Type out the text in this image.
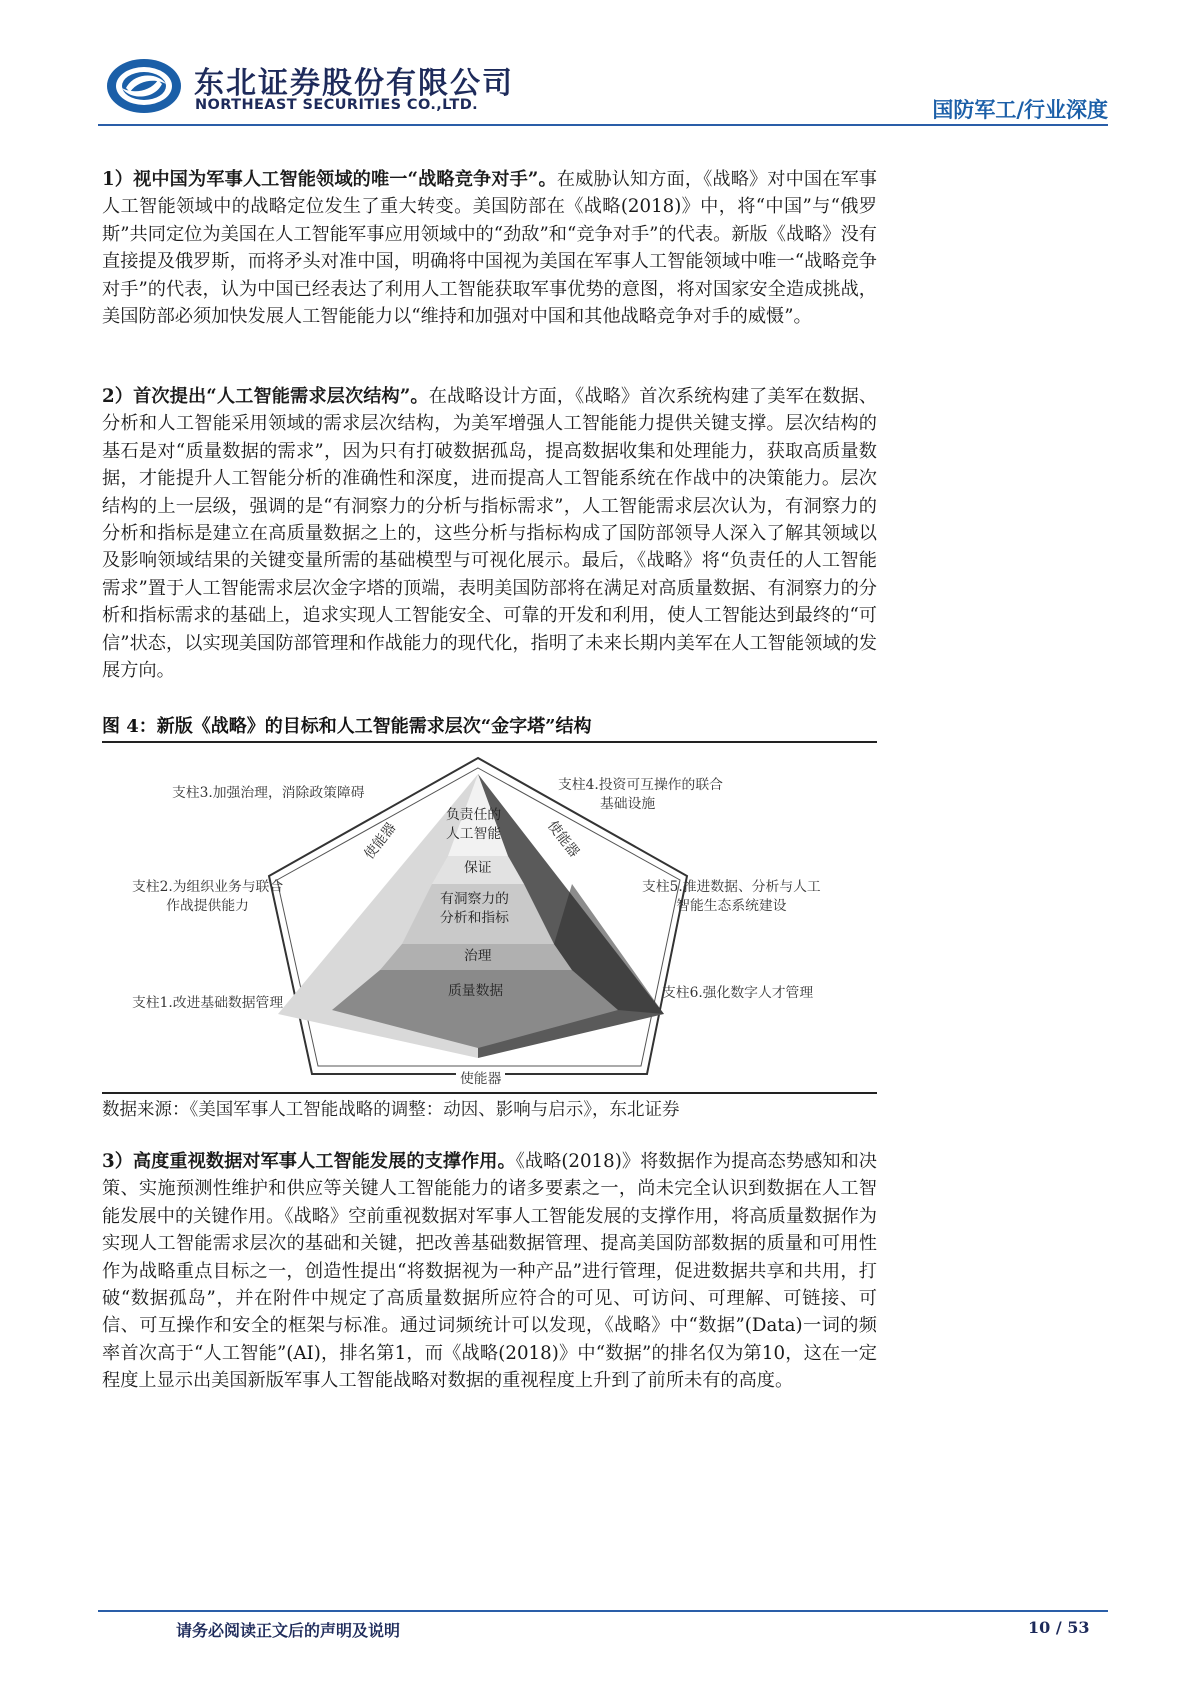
东北证券股份有限公司
NORTHEAST SECURITIES CO.,LTD.	国防军工/行业深度
1）视中国为军事人工智能领域的唯一“战略竞争对手”。在威胁认知方面，《战略》对中国在军事人工智能领域中的战略定位发生了重大转变。美国防部在《战略(2018)》中，将“中国”与“俄罗斯”共同定位为美国在人工智能军事应用领域中的“劲敌”和“竞争对手”的代表。新版《战略》没有直接提及俄罗斯，而将矛头对准中国，明确将中国视为美国在军事人工智能领域中唯一“战略竞争对手”的代表，认为中国已经表达了利用人工智能获取军事优势的意图，将对国家安全造成挑战，美国防部必须加快发展人工智能能力以“维持和加强对中国和其他战略竞争对手的威慑”。
2）首次提出“人工智能需求层次结构”。在战略设计方面，《战略》首次系统构建了美军在数据、分析和人工智能采用领域的需求层次结构，为美军增强人工智能能力提供关键支撑。层次结构的基石是对“质量数据的需求”，因为只有打破数据孤岛，提高数据收集和处理能力，获取高质量数据，才能提升人工智能分析的准确性和深度，进而提高人工智能系统在作战中的决策能力。层次结构的上一层级，强调的是“有洞察力的分析与指标需求”，人工智能需求层次认为，有洞察力的分析和指标是建立在高质量数据之上的，这些分析与指标构成了国防部领导人深入了解其领域以及影响领域结果的关键变量所需的基础模型与可视化展示。最后，《战略》将“负责任的人工智能需求”置于人工智能需求层次金字塔的顶端，表明美国防部将在满足对高质量数据、有洞察力的分析和指标需求的基础上，追求实现人工智能安全、可靠的开发和利用，使人工智能达到最终的“可信”状态，以实现美国防部管理和作战能力的现代化，指明了未来长期内美军在人工智能领域的发展方向。
图 4：新版《战略》的目标和人工智能需求层次“金字塔”结构
支柱3.加强治理，消除政策障碍	支柱4.投资可互操作的联合
基础设施
支柱2.为组织业务与联合
作战提供能力
支柱5.推进数据、分析与人工
智能生态系统建设
支柱1.改进基础数据管理
支柱6.强化数字人才管理
使能器	使能器
使能器
负责任的
人工智能
保证
有洞察力的
分析和指标
治理
质量数据
数据来源：《美国军事人工智能战略的调整：动因、影响与启示》，东北证券
3）高度重视数据对军事人工智能发展的支撑作用。《战略(2018)》将数据作为提高态势感知和决策、实施预测性维护和供应等关键人工智能能力的诸多要素之一，尚未完全认识到数据在人工智能发展中的关键作用。《战略》空前重视数据对军事人工智能发展的支撑作用，将高质量数据作为实现人工智能需求层次的基础和关键，把改善基础数据管理、提高美国防部数据的质量和可用性作为战略重点目标之一，创造性提出“将数据视为一种产品”进行管理，促进数据共享和共用，打破“数据孤岛”，并在附件中规定了高质量数据所应符合的可见、可访问、可理解、可链接、可信、可互操作和安全的框架与标准。通过词频统计可以发现，《战略》中“数据”(Data)一词的频率首次高于“人工智能”(AI)，排名第1，而《战略(2018)》中“数据”的排名仅为第10，这在一定程度上显示出美国新版军事人工智能战略对数据的重视程度上升到了前所未有的高度。
请务必阅读正文后的声明及说明	10 / 53
